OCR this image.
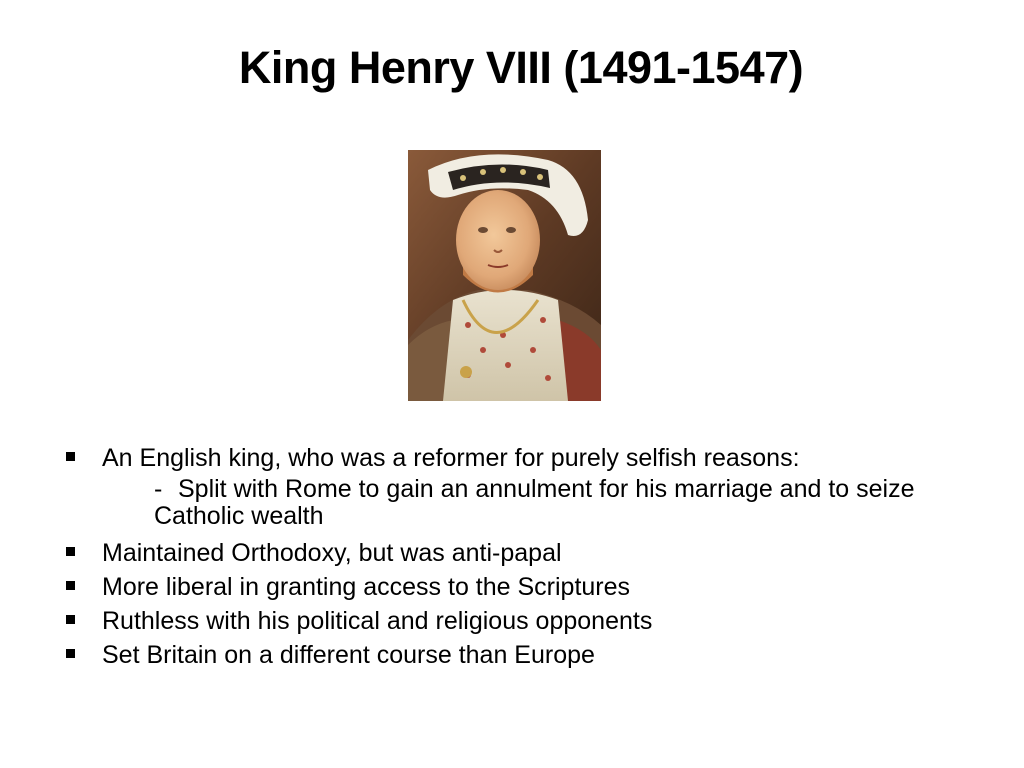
King Henry VIII (1491-1547)
An English king, who was a reformer for purely selfish reasons:
- Split with Rome to gain an annulment for his marriage and to seize Catholic wealth
Maintained Orthodoxy, but was anti-papal
More liberal in granting access to the Scriptures
Ruthless with his political and religious opponents
Set Britain on a different course than Europe
